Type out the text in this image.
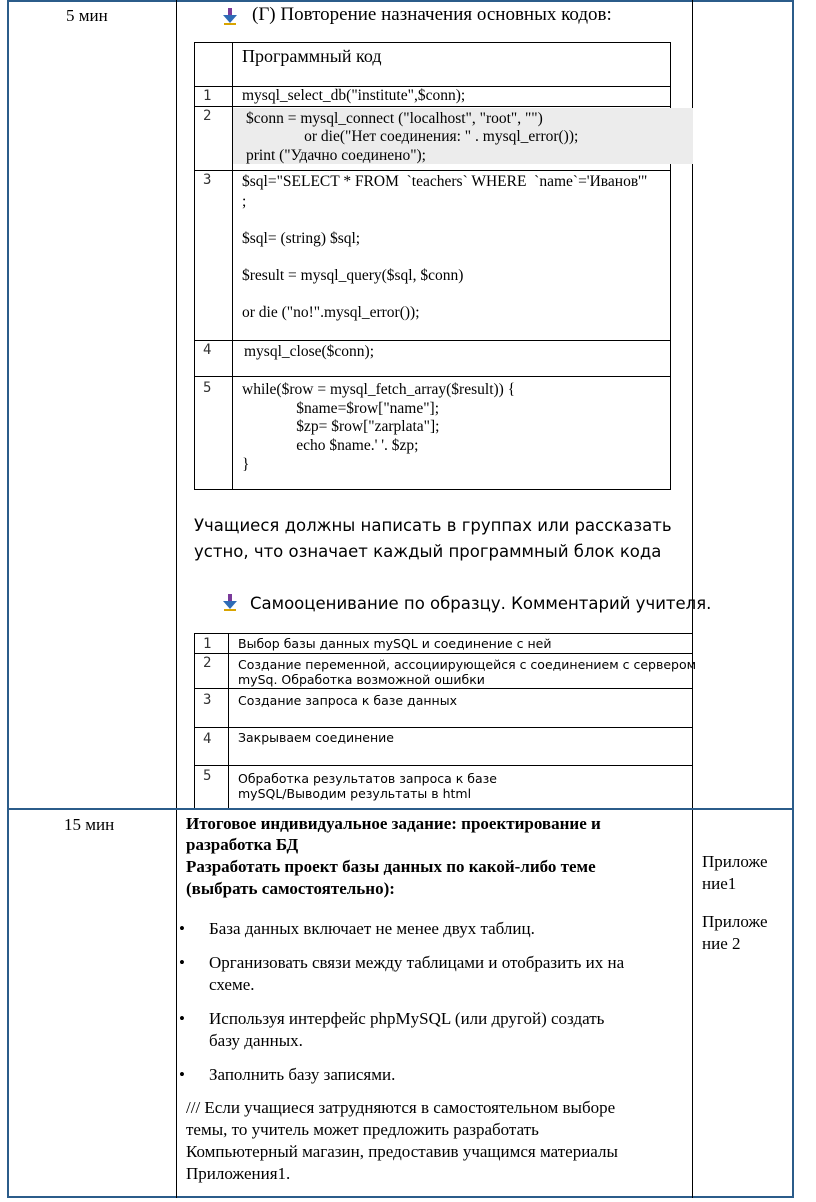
5 мин	(Г) Повторение назначения основных кодов:
Программный код
1
2
3
4
5
mysql_select_db("institute",$conn);
$conn = mysql_connect ("localhost", "root", "")
or die("Нет соединения: " . mysql_error());
print ("Удачно соединено");
$sql="SELECT * FROM  `teachers` WHERE  `name`='Иванов'"
;
$sql= (string) $sql;
$result = mysql_query($sql, $conn)
or die ("no!".mysql_error());
mysql_close($conn);
while($row = mysql_fetch_array($result)) {
$name=$row["name"];
$zp= $row["zarplata"];
echo $name.' '. $zp;
}
Учащиеся должны написать в группах или рассказать
устно, что означает каждый программный блок кода
Самооценивание по образцу. Комментарий учителя.
1
2
3
4
5
Выбор базы данных mySQL и соединение с ней
Создание переменной, ассоциирующейся с соединением с сервером
mySq. Обработка возможной ошибки
Создание запроса к базе данных
Закрываем соединение
Обработка результатов запроса к базе
mySQL/Выводим результаты в html
15 мин	Итоговое индивидуальное задание: проектирование и
разработка БД
Разработать проект базы данных по какой-либо теме
(выбрать самостоятельно):
• База данных включает не менее двух таблиц.
• Организовать связи между таблицами и отобразить их на
схеме.
• Используя интерфейс phpMySQL (или другой) создать
базу данных.
• Заполнить базу записями.
/// Если учащиеся затрудняются в самостоятельном выборе
темы, то учитель может предложить разработать
Компьютерный магазин, предоставив учащимся материалы
Приложения1.
Приложе
ние1
Приложе
ние 2
